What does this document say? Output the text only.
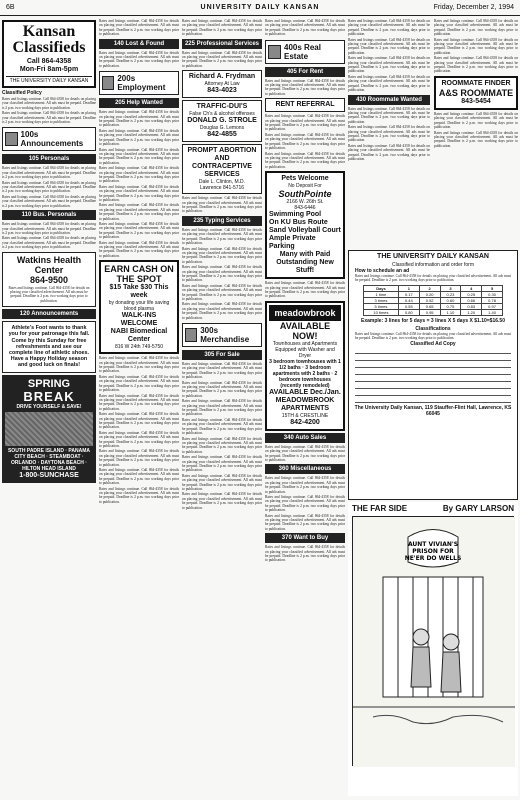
6B	UNIVERSITY DAILY KANSAN	Friday, December 2, 1994
Kansan Classifieds
Call 864-4358
Mon-Fri 8am-5pm
THE UNIVERSITY DAILY KANSAN
Classified Policy
Rates and listings continue. Call 864-4358 for details on placing your classified advertisement. All ads must be prepaid. Deadline is 2 p.m. two working days prior to publication.
Rates and listings continue. Call 864-4358 for details on placing your classified advertisement. All ads must be prepaid. Deadline is 2 p.m. two working days prior to publication.
100s Announcements
105 Personals
Rates and listings continue. Call 864-4358 for details on placing your classified advertisement. All ads must be prepaid. Deadline is 2 p.m. two working days prior to publication.
Rates and listings continue. Call 864-4358 for details on placing your classified advertisement. All ads must be prepaid. Deadline is 2 p.m. two working days prior to publication.
Rates and listings continue. Call 864-4358 for details on placing your classified advertisement. All ads must be prepaid. Deadline is 2 p.m. two working days prior to publication.
110 Bus. Personals
Rates and listings continue. Call 864-4358 for details on placing your classified advertisement. All ads must be prepaid. Deadline is 2 p.m. two working days prior to publication.
Rates and listings continue. Call 864-4358 for details on placing your classified advertisement. All ads must be prepaid. Deadline is 2 p.m. two working days prior to publication.
Watkins Health Center
864-9500
Rates and listings continue. Call 864-4358 for details on placing your classified advertisement. All ads must be prepaid. Deadline is 2 p.m. two working days prior to publication.
120 Announcements
Athlete's Foot wants to thank you for your patronage this fall. Come by this Sunday for free refreshments and see our complete line of athletic shoes. Have a Happy Holiday season and good luck on finals!
SPRING
BREAK
DRIVE YOURSELF & SAVE!
SOUTH PADRE ISLAND · PANAMA CITY BEACH · STEAMBOAT · ORLANDO · DAYTONA BEACH · HILTON HEAD ISLAND
1-800-SUNCHASE
Rates and listings continue. Call 864-4358 for details on placing your classified advertisement. All ads must be prepaid. Deadline is 2 p.m. two working days prior to publication.
140 Lost & Found
Rates and listings continue. Call 864-4358 for details on placing your classified advertisement. All ads must be prepaid. Deadline is 2 p.m. two working days prior to publication.
200s Employment
205 Help Wanted
Rates and listings continue. Call 864-4358 for details on placing your classified advertisement. All ads must be prepaid. Deadline is 2 p.m. two working days prior to publication.
Rates and listings continue. Call 864-4358 for details on placing your classified advertisement. All ads must be prepaid. Deadline is 2 p.m. two working days prior to publication.
Rates and listings continue. Call 864-4358 for details on placing your classified advertisement. All ads must be prepaid. Deadline is 2 p.m. two working days prior to publication.
Rates and listings continue. Call 864-4358 for details on placing your classified advertisement. All ads must be prepaid. Deadline is 2 p.m. two working days prior to publication.
Rates and listings continue. Call 864-4358 for details on placing your classified advertisement. All ads must be prepaid. Deadline is 2 p.m. two working days prior to publication.
Rates and listings continue. Call 864-4358 for details on placing your classified advertisement. All ads must be prepaid. Deadline is 2 p.m. two working days prior to publication.
Rates and listings continue. Call 864-4358 for details on placing your classified advertisement. All ads must be prepaid. Deadline is 2 p.m. two working days prior to publication.
Rates and listings continue. Call 864-4358 for details on placing your classified advertisement. All ads must be prepaid. Deadline is 2 p.m. two working days prior to publication.
EARN CASH ON THE SPOT
$15 Take $30 This week
by donating your life saving blood plasma
WALK-INS WELCOME
NABI Biomedical Center
816 W 24th 749-5750
Rates and listings continue. Call 864-4358 for details on placing your classified advertisement. All ads must be prepaid. Deadline is 2 p.m. two working days prior to publication.
Rates and listings continue. Call 864-4358 for details on placing your classified advertisement. All ads must be prepaid. Deadline is 2 p.m. two working days prior to publication.
Rates and listings continue. Call 864-4358 for details on placing your classified advertisement. All ads must be prepaid. Deadline is 2 p.m. two working days prior to publication.
Rates and listings continue. Call 864-4358 for details on placing your classified advertisement. All ads must be prepaid. Deadline is 2 p.m. two working days prior to publication.
Rates and listings continue. Call 864-4358 for details on placing your classified advertisement. All ads must be prepaid. Deadline is 2 p.m. two working days prior to publication.
Rates and listings continue. Call 864-4358 for details on placing your classified advertisement. All ads must be prepaid. Deadline is 2 p.m. two working days prior to publication.
Rates and listings continue. Call 864-4358 for details on placing your classified advertisement. All ads must be prepaid. Deadline is 2 p.m. two working days prior to publication.
Rates and listings continue. Call 864-4358 for details on placing your classified advertisement. All ads must be prepaid. Deadline is 2 p.m. two working days prior to publication.
Rates and listings continue. Call 864-4358 for details on placing your classified advertisement. All ads must be prepaid. Deadline is 2 p.m. two working days prior to publication.
225 Professional Services
Rates and listings continue. Call 864-4358 for details on placing your classified advertisement. All ads must be prepaid. Deadline is 2 p.m. two working days prior to publication.
Richard A. Frydman
Attorney At Law
843-4023
TRAFFIC-DUI'S
False Ch's & alcohol offenses
DONALD G. STROLE
Douglas G. Lemons
842-4855
PROMPT ABORTION AND CONTRACEPTIVE SERVICES
Dale L. Clinton, M.D.
Lawrence 841-5716
Rates and listings continue. Call 864-4358 for details on placing your classified advertisement. All ads must be prepaid. Deadline is 2 p.m. two working days prior to publication.
235 Typing Services
Rates and listings continue. Call 864-4358 for details on placing your classified advertisement. All ads must be prepaid. Deadline is 2 p.m. two working days prior to publication.
Rates and listings continue. Call 864-4358 for details on placing your classified advertisement. All ads must be prepaid. Deadline is 2 p.m. two working days prior to publication.
Rates and listings continue. Call 864-4358 for details on placing your classified advertisement. All ads must be prepaid. Deadline is 2 p.m. two working days prior to publication.
Rates and listings continue. Call 864-4358 for details on placing your classified advertisement. All ads must be prepaid. Deadline is 2 p.m. two working days prior to publication.
Rates and listings continue. Call 864-4358 for details on placing your classified advertisement. All ads must be prepaid. Deadline is 2 p.m. two working days prior to publication.
300s Merchandise
305 For Sale
Rates and listings continue. Call 864-4358 for details on placing your classified advertisement. All ads must be prepaid. Deadline is 2 p.m. two working days prior to publication.
Rates and listings continue. Call 864-4358 for details on placing your classified advertisement. All ads must be prepaid. Deadline is 2 p.m. two working days prior to publication.
Rates and listings continue. Call 864-4358 for details on placing your classified advertisement. All ads must be prepaid. Deadline is 2 p.m. two working days prior to publication.
Rates and listings continue. Call 864-4358 for details on placing your classified advertisement. All ads must be prepaid. Deadline is 2 p.m. two working days prior to publication.
Rates and listings continue. Call 864-4358 for details on placing your classified advertisement. All ads must be prepaid. Deadline is 2 p.m. two working days prior to publication.
Rates and listings continue. Call 864-4358 for details on placing your classified advertisement. All ads must be prepaid. Deadline is 2 p.m. two working days prior to publication.
Rates and listings continue. Call 864-4358 for details on placing your classified advertisement. All ads must be prepaid. Deadline is 2 p.m. two working days prior to publication.
Rates and listings continue. Call 864-4358 for details on placing your classified advertisement. All ads must be prepaid. Deadline is 2 p.m. two working days prior to publication.
Rates and listings continue. Call 864-4358 for details on placing your classified advertisement. All ads must be prepaid. Deadline is 2 p.m. two working days prior to publication.
400s Real Estate
405 For Rent
Rates and listings continue. Call 864-4358 for details on placing your classified advertisement. All ads must be prepaid. Deadline is 2 p.m. two working days prior to publication.
RENT REFERRAL
Rates and listings continue. Call 864-4358 for details on placing your classified advertisement. All ads must be prepaid. Deadline is 2 p.m. two working days prior to publication.
Rates and listings continue. Call 864-4358 for details on placing your classified advertisement. All ads must be prepaid. Deadline is 2 p.m. two working days prior to publication.
Rates and listings continue. Call 864-4358 for details on placing your classified advertisement. All ads must be prepaid. Deadline is 2 p.m. two working days prior to publication.
Pets Welcome
No Deposit For
SouthPointe
2166 W. 26th St.
843-6446
Swimming Pool
On KU Bus Route
Sand Volleyball Court
Ample Private Parking
Many with Paid Outstanding New Stuff!
Rates and listings continue. Call 864-4358 for details on placing your classified advertisement. All ads must be prepaid. Deadline is 2 p.m. two working days prior to publication.
meadowbrook
AVAILABLE NOW!
Townhouses and Apartments Equipped with Washer and Dryer
3 bedroom townhouses with 1 1/2 baths · 3 bedroom apartments with 2 baths · 2 bedroom townhouses (recently remodeled)
AVAILABLE Dec./Jan.
MEADOWBROOK APARTMENTS
15TH & CRESTLINE
842-4200
340 Auto Sales
Rates and listings continue. Call 864-4358 for details on placing your classified advertisement. All ads must be prepaid. Deadline is 2 p.m. two working days prior to publication.
360 Miscellaneous
Rates and listings continue. Call 864-4358 for details on placing your classified advertisement. All ads must be prepaid. Deadline is 2 p.m. two working days prior to publication.
Rates and listings continue. Call 864-4358 for details on placing your classified advertisement. All ads must be prepaid. Deadline is 2 p.m. two working days prior to publication.
Rates and listings continue. Call 864-4358 for details on placing your classified advertisement. All ads must be prepaid. Deadline is 2 p.m. two working days prior to publication.
370 Want to Buy
Rates and listings continue. Call 864-4358 for details on placing your classified advertisement. All ads must be prepaid. Deadline is 2 p.m. two working days prior to publication.
Rates and listings continue. Call 864-4358 for details on placing your classified advertisement. All ads must be prepaid. Deadline is 2 p.m. two working days prior to publication.
Rates and listings continue. Call 864-4358 for details on placing your classified advertisement. All ads must be prepaid. Deadline is 2 p.m. two working days prior to publication.
Rates and listings continue. Call 864-4358 for details on placing your classified advertisement. All ads must be prepaid. Deadline is 2 p.m. two working days prior to publication.
Rates and listings continue. Call 864-4358 for details on placing your classified advertisement. All ads must be prepaid. Deadline is 2 p.m. two working days prior to publication.
430 Roommate Wanted
Rates and listings continue. Call 864-4358 for details on placing your classified advertisement. All ads must be prepaid. Deadline is 2 p.m. two working days prior to publication.
Rates and listings continue. Call 864-4358 for details on placing your classified advertisement. All ads must be prepaid. Deadline is 2 p.m. two working days prior to publication.
Rates and listings continue. Call 864-4358 for details on placing your classified advertisement. All ads must be prepaid. Deadline is 2 p.m. two working days prior to publication.
Rates and listings continue. Call 864-4358 for details on placing your classified advertisement. All ads must be prepaid. Deadline is 2 p.m. two working days prior to publication.
Rates and listings continue. Call 864-4358 for details on placing your classified advertisement. All ads must be prepaid. Deadline is 2 p.m. two working days prior to publication.
Rates and listings continue. Call 864-4358 for details on placing your classified advertisement. All ads must be prepaid. Deadline is 2 p.m. two working days prior to publication.
ROOMMATE FINDER
A&S ROOMMATE
843-5454
Rates and listings continue. Call 864-4358 for details on placing your classified advertisement. All ads must be prepaid. Deadline is 2 p.m. two working days prior to publication.
Rates and listings continue. Call 864-4358 for details on placing your classified advertisement. All ads must be prepaid. Deadline is 2 p.m. two working days prior to publication.
THE UNIVERSITY DAILY KANSAN
Classified information and order form
How to schedule an ad
Rates and listings continue. Call 864-4358 for details on placing your classified advertisement. All ads must be prepaid. Deadline is 2 p.m. two working days prior to publication.
Days	1	2	3	4	5
1 time	0.17	0.20	0.23	0.25	0.30
3 times	0.44	0.52	0.60	0.66	0.78
5 times	0.55	0.65	0.75	0.83	0.97
10 times	0.80	0.95	1.10	1.20	1.40
Example: 3 lines for 5 days = 3 lines X 5 days X $1.10=$16.50
Classifications
Rates and listings continue. Call 864-4358 for details on placing your classified advertisement. All ads must be prepaid. Deadline is 2 p.m. two working days prior to publication.
Classified Ad Copy
The University Daily Kansan, 119 Stauffer-Flint Hall, Lawrence, KS 66045
THE FAR SIDE	By GARY LARSON
AUNT VIVIAN'S
PRISON FOR
NE'ER DO WELLS
